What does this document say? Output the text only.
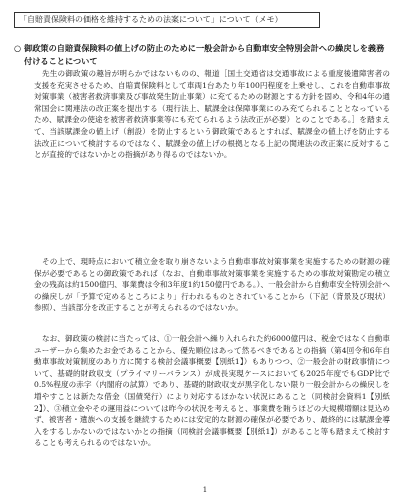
「自賠責保険料の価格を維持するための法案について」について（メモ）
○ 御政策の自賠責保険料の値上げの防止のために一般会計から自動車安全特別会計への繰戻しを義務付けることについて

先生の御政策の趣旨が明らかではないものの、報道［国土交通省は交通事故による重度後遺障害者の支援を充実させるため、自賠責保険料として車両1台あたり年100円程度を上乗せし、これを自動車事故対策事業（被害者救済事業及び事故発生防止事業）に充てるための財源とする方針を固め、令和4年の通常国会に関連法の改正案を提出する（現行法上、賦課金は保障事業にのみ充てられることとなっているため、賦課金の使途を被害者救済事業等にも充てられるよう法改正が必要）とのことである。］を踏まえて、当該賦課金の値上げ（創設）を防止するという御政策であるとすれば、賦課金の値上げを防止する法改正について検討するのではなく、賦課金の値上げの根拠となる上記の関連法の改正案に反対することが直接的ではないかとの指摘があり得るのではないか。

その上で、現時点において積立金を取り崩さないよう自動車事故対策事業を実施するための財源の確保が必要であるとの御政策であれば（なお、自動車事故対策事業を実施するための事故対策勘定の積立金の残高は約1500億円、事業費は令和3年度1約150億円である。）、一般会計から自動車安全特別会計への繰戻しが「予算で定めるところにより」行われるものとされていることから（下記（背景及び現状）参照）、当該部分を改正することが考えられるのではないか。

なお、御政策の検討に当たっては、①一般会計へ繰り入れられた約6000億円は、税金ではなく自動車ユーザーから集めたお金であることから、優先順位はあって然るべきであるとの指摘（第4回令和6年自動車事故対策制度のあり方に関する検討会議事概要【別紙1】）もありつつ、②一般会計の財政事情について、基礎的財政収支（プライマリーバランス）が成長実現ケースにおいても2025年度でもGDP比で0.5%程度の赤字（内閣府の試算）であり、基礎的財政収支が黒字化しない限り一般会計からの繰戻しを増やすことは新たな借金（国債発行）により対応するほかない状況にあること（同検討会資料1【別紙2】）、③積立金やその運用益については昨今の状況を考えると、事業費を賄うほどの大規模増額は見込めず、被害者・遺族への支援を継続するためには安定的な財源の確保が必要であり、最終的には賦課金導入をするしかないのではないかとの指摘（同検討会議事概要【別紙1】）があること等も踏まえて検討することも考えられるのではないか。

1
